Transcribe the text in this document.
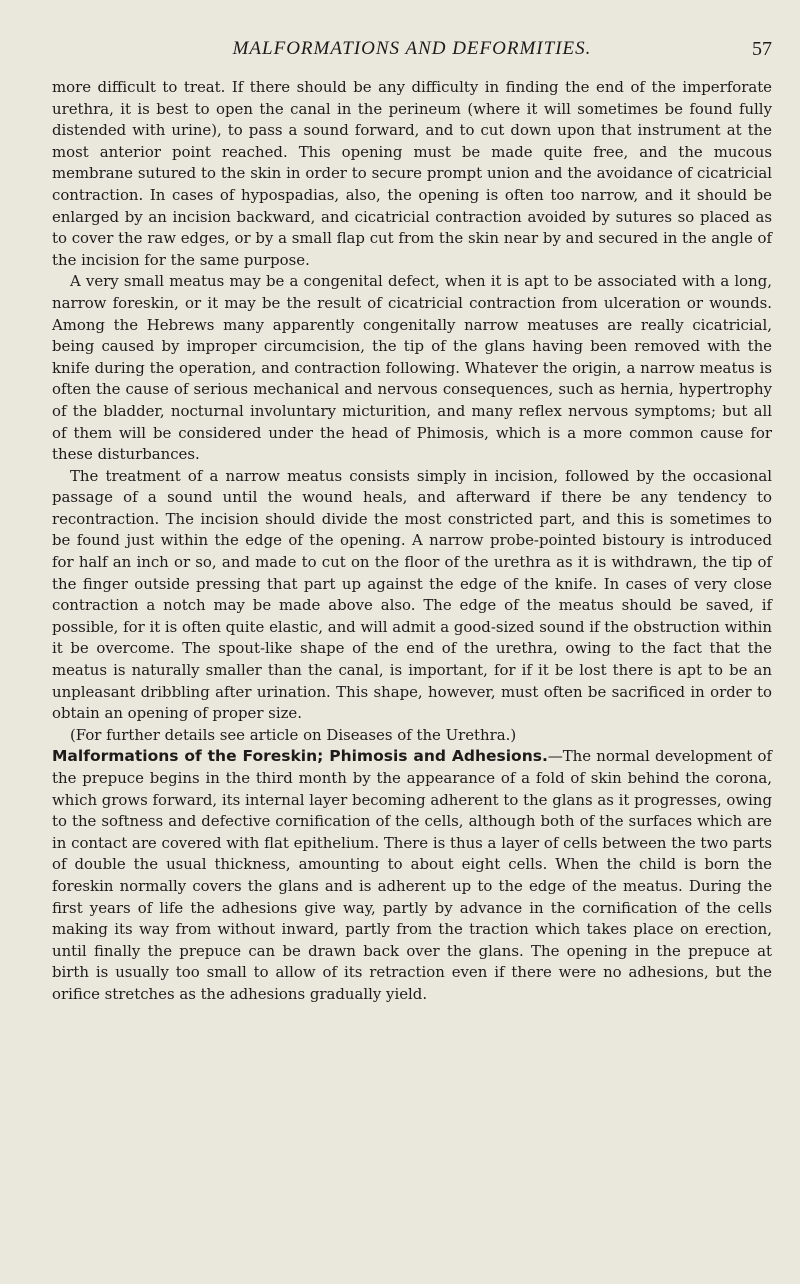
MALFORMATIONS AND DEFORMITIES.	57

more difficult to treat. If there should be any difficulty in finding the end of the imperforate urethra, it is best to open the canal in the perineum (where it will sometimes be found fully distended with urine), to pass a sound forward, and to cut down upon that instrument at the most anterior point reached. This opening must be made quite free, and the mucous membrane sutured to the skin in order to secure prompt union and the avoidance of cicatricial contraction. In cases of hypospadias, also, the opening is often too narrow, and it should be enlarged by an incision backward, and cicatricial contraction avoided by sutures so placed as to cover the raw edges, or by a small flap cut from the skin near by and secured in the angle of the incision for the same purpose.

A very small meatus may be a congenital defect, when it is apt to be associated with a long, narrow foreskin, or it may be the result of cicatricial contraction from ulceration or wounds. Among the Hebrews many apparently congenitally narrow meatuses are really cicatricial, being caused by improper circumcision, the tip of the glans having been removed with the knife during the operation, and contraction following. Whatever the origin, a narrow meatus is often the cause of serious mechanical and nervous consequences, such as hernia, hypertrophy of the bladder, nocturnal involuntary micturition, and many reflex nervous symptoms; but all of them will be considered under the head of Phimosis, which is a more common cause for these disturbances.

The treatment of a narrow meatus consists simply in incision, followed by the occasional passage of a sound until the wound heals, and afterward if there be any tendency to recontraction. The incision should divide the most constricted part, and this is sometimes to be found just within the edge of the opening. A narrow probe-pointed bistoury is introduced for half an inch or so, and made to cut on the floor of the urethra as it is withdrawn, the tip of the finger outside pressing that part up against the edge of the knife. In cases of very close contraction a notch may be made above also. The edge of the meatus should be saved, if possible, for it is often quite elastic, and will admit a good-sized sound if the obstruction within it be overcome. The spout-like shape of the end of the urethra, owing to the fact that the meatus is naturally smaller than the canal, is important, for if it be lost there is apt to be an unpleasant dribbling after urination. This shape, however, must often be sacrificed in order to obtain an opening of proper size.

(For further details see article on Diseases of the Urethra.)

Malformations of the Foreskin; Phimosis and Adhesions.—The normal development of the prepuce begins in the third month by the appearance of a fold of skin behind the corona, which grows forward, its internal layer becoming adherent to the glans as it progresses, owing to the softness and defective cornification of the cells, although both of the surfaces which are in contact are covered with flat epithelium. There is thus a layer of cells between the two parts of double the usual thickness, amounting to about eight cells. When the child is born the foreskin normally covers the glans and is adherent up to the edge of the meatus. During the first years of life the adhesions give way, partly by advance in the cornification of the cells making its way from without inward, partly from the traction which takes place on erection, until finally the prepuce can be drawn back over the glans. The opening in the prepuce at birth is usually too small to allow of its retraction even if there were no adhesions, but the orifice stretches as the adhesions gradually yield.
